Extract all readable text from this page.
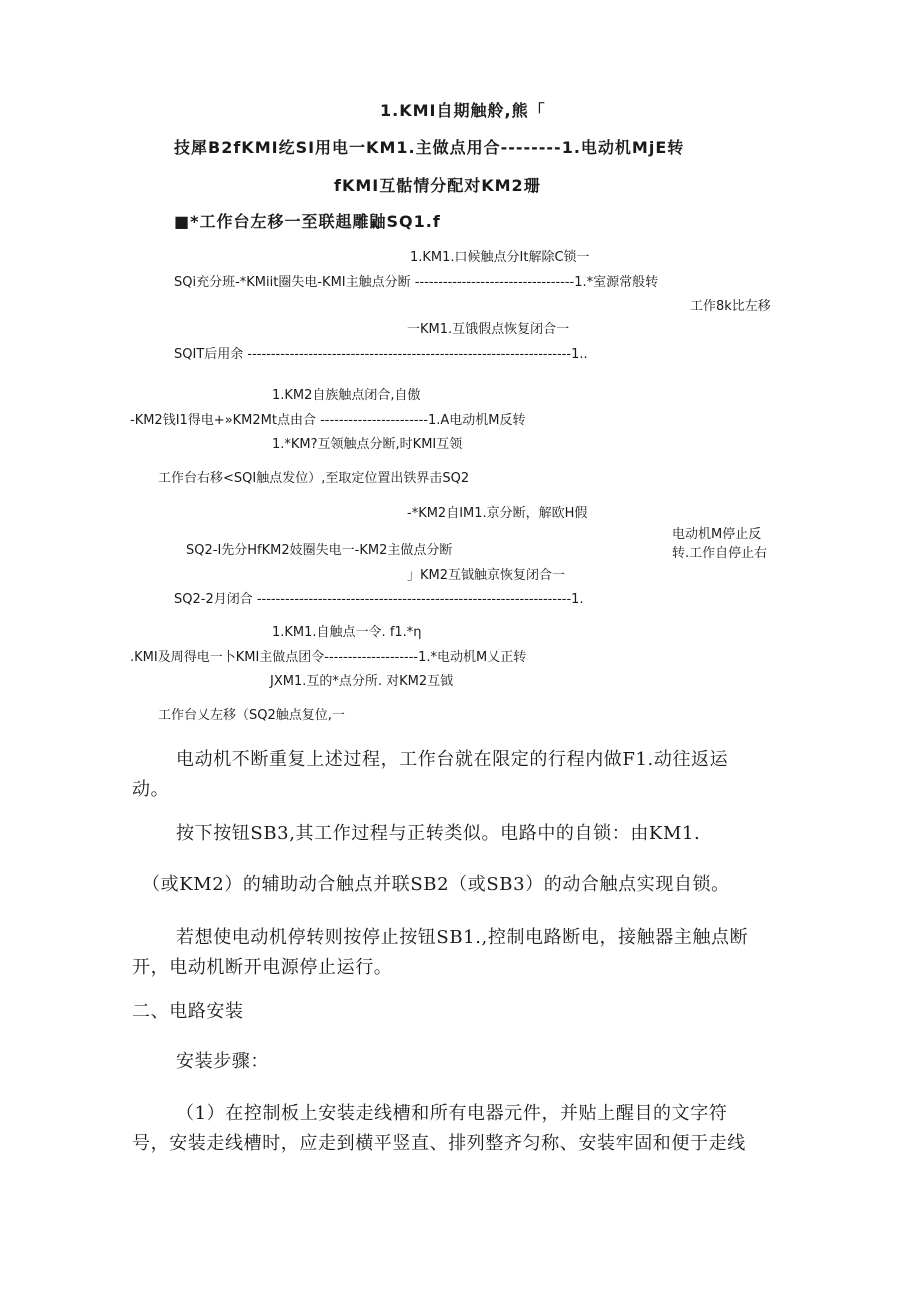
1.KMI自期触舲,熊「
技犀B2fKMI纥SI用电一KM1.主做点用合--------1.电动机MjE转
fKMI互骷情分配对KM2珊
■*工作台左移一至联趄雕鼬SQ1.f
1.KM1.口候触点分It解除C锁一
SQi充分班-*KMiit圈失电-KMI主触点分断 ----------------------------------1.*室源常般转
工作8k比左移
一KM1.互饿假点恢复闭合一
SQIT后用余 ---------------------------------------------------------------------1..
1.KM2自族触点闭合,自傲
-KM2钱I1得电+»KM2Mt点由合 -----------------------1.A电动机M反转
1.*KM?互领触点分断,时KMI互领
工作台右移<SQI触点发位）,至取定位置出铁界击SQ2
-*KM2自IM1.京分断，解欧H假
电动机M停止反
转.工作自停止右
SQ2-I先分HfKM2妓圈失电一-KM2主做点分断
」KM2互钺触京恢复闭合一
SQ2-2月闭合 -------------------------------------------------------------------1.
1.KM1.自触点一令. f1.*η
.KMI及周得电一卜KMI主做点团令--------------------1.*电动机M乂正转
JXM1.互的*点分所. 对KM2互钺
工作台乂左移（SQ2触点复位,一
电动机不断重复上述过程，工作台就在限定的行程内做F1.动往返运
动。
按下按钮SB3,其工作过程与正转类似。电路中的自锁：由KM1.
（或KM2）的辅助动合触点并联SB2（或SB3）的动合触点实现自锁。
若想使电动机停转则按停止按钮SB1.,控制电路断电，接触器主触点断
开，电动机断开电源停止运行。
二、电路安装
安装步骤：
（1）在控制板上安装走线槽和所有电器元件，并贴上醒目的文字符
号，安装走线槽时，应走到横平竖直、排列整齐匀称、安装牢固和便于走线
